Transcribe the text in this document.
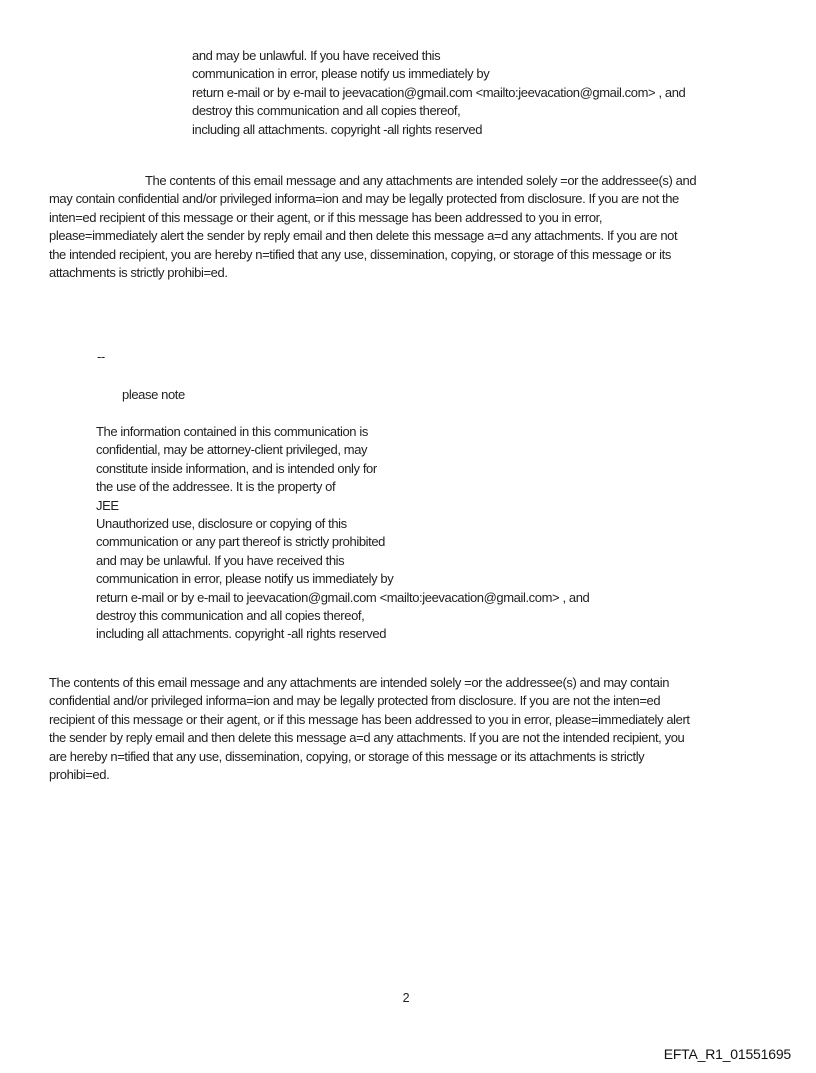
and may be unlawful. If you have received this
communication in error, please notify us immediately by
return e-mail or by e-mail to jeevacation@gmail.com <mailto:jeevacation@gmail.com> , and
destroy this communication and all copies thereof,
including all attachments. copyright -all rights reserved
The contents of this email message and any attachments are intended solely =or the addressee(s) and
may contain confidential and/or privileged informa=ion and may be legally protected from disclosure. If you are not the
inten=ed recipient of this message or their agent, or if this message has been addressed to you in error,
please=immediately alert the sender by reply email and then delete this message a=d any attachments. If you are not
the intended recipient, you are hereby n=tified that any use, dissemination, copying, or storage of this message or its
attachments is strictly prohibi=ed.
--
please note
The information contained in this communication is
confidential, may be attorney-client privileged, may
constitute inside information, and is intended only for
the use of the addressee. It is the property of
JEE
Unauthorized use, disclosure or copying of this
communication or any part thereof is strictly prohibited
and may be unlawful. If you have received this
communication in error, please notify us immediately by
return e-mail or by e-mail to jeevacation@gmail.com <mailto:jeevacation@gmail.com> , and
destroy this communication and all copies thereof,
including all attachments. copyright -all rights reserved
The contents of this email message and any attachments are intended solely =or the addressee(s) and may contain
confidential and/or privileged informa=ion and may be legally protected from disclosure. If you are not the inten=ed
recipient of this message or their agent, or if this message has been addressed to you in error, please=immediately alert
the sender by reply email and then delete this message a=d any attachments. If you are not the intended recipient, you
are hereby n=tified that any use, dissemination, copying, or storage of this message or its attachments is strictly
prohibi=ed.
2
EFTA_R1_01551695
